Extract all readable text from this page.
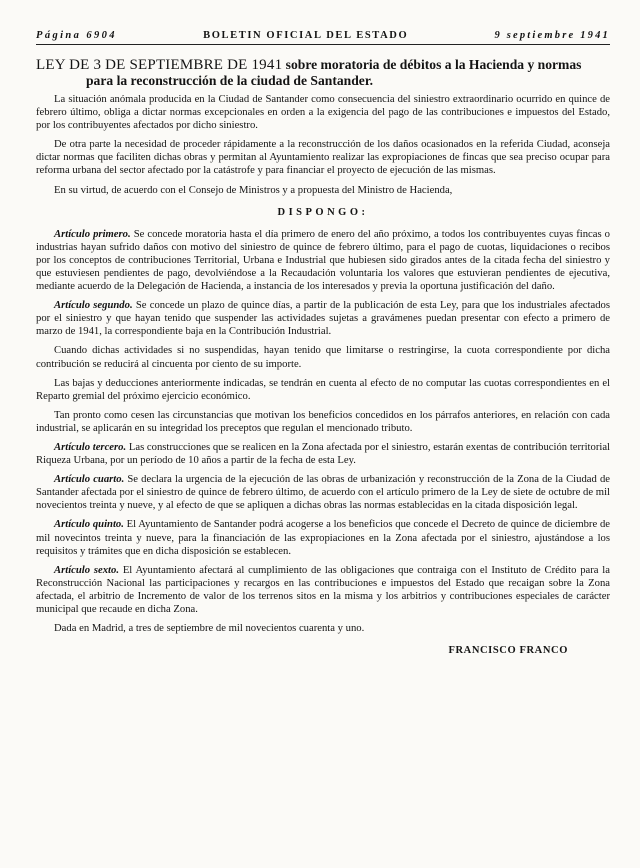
Página 6904	BOLETIN OFICIAL DEL ESTADO	9 septiembre 1941
LEY DE 3 DE SEPTIEMBRE DE 1941 sobre moratoria de débitos a la Hacienda y normas
para la reconstrucción de la ciudad de Santander.

La situación anómala producida en la Ciudad de Santander como consecuencia del siniestro extraordinario ocurrido en quince de febrero último, obliga a dictar normas excepcionales en orden a la exigencia del pago de las contribuciones e impuestos del Estado, por los contribuyentes afectados por dicho siniestro.

De otra parte la necesidad de proceder rápidamente a la reconstrucción de los daños ocasionados en la referida Ciudad, aconseja dictar normas que faciliten dichas obras y permitan al Ayuntamiento realizar las expropiaciones de fincas que sea preciso ocupar para reforma urbana del sector afectado por la catástrofe y para financiar el proyecto de ejecución de las mismas.

En su virtud, de acuerdo con el Consejo de Ministros y a propuesta del Ministro de Hacienda,

DISPONGO:

Artículo primero. Se concede moratoria hasta el día primero de enero del año próximo, a todos los contribuyentes cuyas fincas o industrias hayan sufrido daños con motivo del siniestro de quince de febrero último, para el pago de cuotas, liquidaciones o recibos por los conceptos de contribuciones Territorial, Urbana e Industrial que hubiesen sido girados antes de la citada fecha del siniestro y que estuviesen pendientes de pago, devolviéndose a la Recaudación voluntaria los valores que estuvieran pendientes de ejecutiva, mediante acuerdo de la Delegación de Hacienda, a instancia de los interesados y previa la oportuna justificación del daño.

Artículo segundo. Se concede un plazo de quince días, a partir de la publicación de esta Ley, para que los industriales afectados por el siniestro y que hayan tenido que suspender las actividades sujetas a gravámenes puedan presentar con efecto a primero de marzo de 1941, la correspondiente baja en la Contribución Industrial.

Cuando dichas actividades si no suspendidas, hayan tenido que limitarse o restringirse, la cuota correspondiente por dicha contribución se reducirá al cincuenta por ciento de su importe.

Las bajas y deducciones anteriormente indicadas, se tendrán en cuenta al efecto de no computar las cuotas correspondientes en el Reparto gremial del próximo ejercicio económico.

Tan pronto como cesen las circunstancias que motivan los beneficios concedidos en los párrafos anteriores, en relación con cada industrial, se aplicarán en su integridad los preceptos que regulan el mencionado tributo.

Artículo tercero. Las construcciones que se realicen en la Zona afectada por el siniestro, estarán exentas de contribución territorial Riqueza Urbana, por un período de 10 años a partir de la fecha de esta Ley.

Artículo cuarto. Se declara la urgencia de la ejecución de las obras de urbanización y reconstrucción de la Zona de la Ciudad de Santander afectada por el siniestro de quince de febrero último, de acuerdo con el artículo primero de la Ley de siete de octubre de mil novecientos treinta y nueve, y al efecto de que se apliquen a dichas obras las normas establecidas en la citada disposición legal.

Artículo quinto. El Ayuntamiento de Santander podrá acogerse a los beneficios que concede el Decreto de quince de diciembre de mil novecintos treinta y nueve, para la financiación de las expropiaciones en la Zona afectada por el siniestro, ajustándose a los requisitos y trámites que en dicha disposición se establecen.

Artículo sexto. El Ayuntamiento afectará al cumplimiento de las obligaciones que contraiga con el Instituto de Crédito para la Reconstrucción Nacional las participaciones y recargos en las contribuciones e impuestos del Estado que recaigan sobre la Zona afectada, el arbitrio de Incremento de valor de los terrenos sitos en la misma y los arbitrios y contribuciones especiales de carácter municipal que recaude en dicha Zona.

Dada en Madrid, a tres de septiembre de mil novecientos cuarenta y uno.

FRANCISCO FRANCO
